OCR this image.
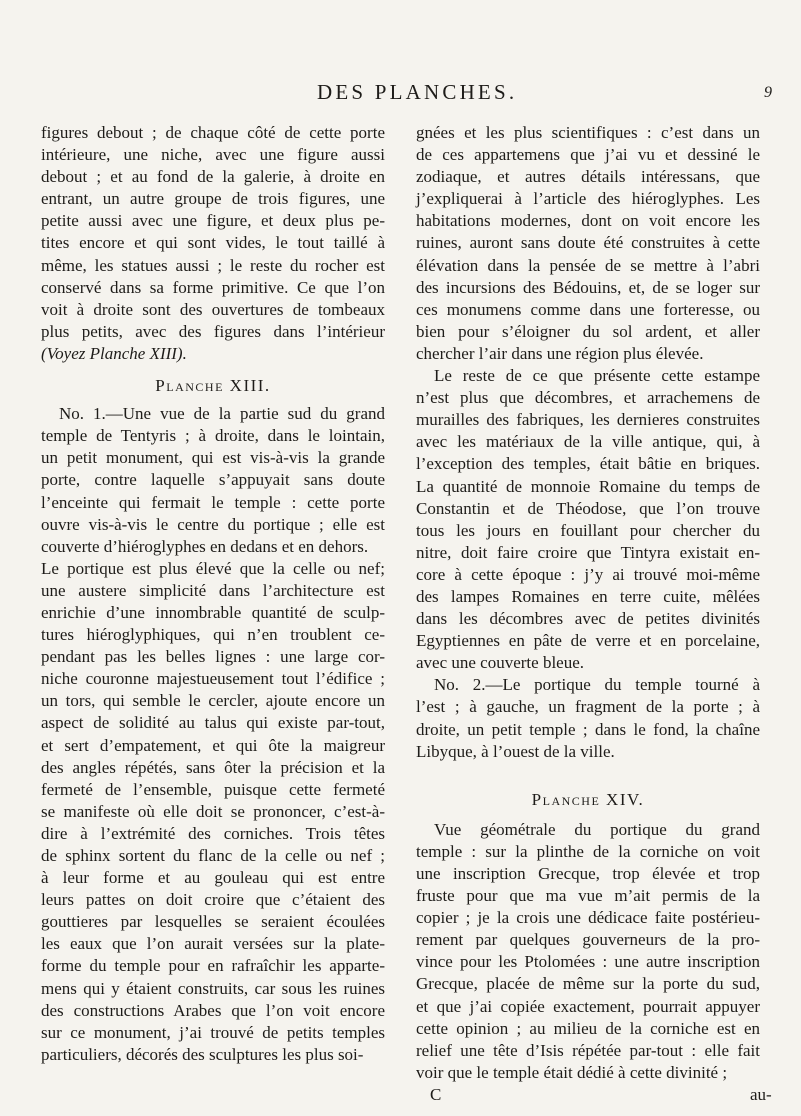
DES PLANCHES.	9
figures debout ; de chaque côté de cette porte
intérieure, une niche, avec une figure aussi
debout ; et au fond de la galerie, à droite en
entrant, un autre groupe de trois figures, une
petite aussi avec une figure, et deux plus pe-
tites encore et qui sont vides, le tout taillé à
même, les statues aussi ; le reste du rocher est
conservé dans sa forme primitive. Ce que l’on
voit à droite sont des ouvertures de tombeaux
plus petits, avec des figures dans l’intérieur
(Voyez Planche XIII).
Planche XIII.
No. 1.—Une vue de la partie sud du grand
temple de Tentyris ; à droite, dans le lointain,
un petit monument, qui est vis-à-vis la grande
porte, contre laquelle s’appuyait sans doute
l’enceinte qui fermait le temple : cette porte
ouvre vis-à-vis le centre du portique ; elle est
couverte d’hiéroglyphes en dedans et en dehors.
Le portique est plus élevé que la celle ou nef;
une austere simplicité dans l’architecture est
enrichie d’une innombrable quantité de sculp-
tures hiéroglyphiques, qui n’en troublent ce-
pendant pas les belles lignes : une large cor-
niche couronne majestueusement tout l’édifice ;
un tors, qui semble le cercler, ajoute encore un
aspect de solidité au talus qui existe par-tout,
et sert d’empatement, et qui ôte la maigreur
des angles répétés, sans ôter la précision et la
fermeté de l’ensemble, puisque cette fermeté
se manifeste où elle doit se prononcer, c’est-à-
dire à l’extrémité des corniches. Trois têtes
de sphinx sortent du flanc de la celle ou nef ;
à leur forme et au gouleau qui est entre
leurs pattes on doit croire que c’étaient des
gouttieres par lesquelles se seraient écoulées
les eaux que l’on aurait versées sur la plate-
forme du temple pour en rafraîchir les apparte-
mens qui y étaient construits, car sous les ruines
des constructions Arabes que l’on voit encore
sur ce monument, j’ai trouvé de petits temples
particuliers, décorés des sculptures les plus soi-
gnées et les plus scientifiques : c’est dans un
de ces appartemens que j’ai vu et dessiné le
zodiaque, et autres détails intéressans, que
j’expliquerai à l’article des hiéroglyphes. Les
habitations modernes, dont on voit encore les
ruines, auront sans doute été construites à cette
élévation dans la pensée de se mettre à l’abri
des incursions des Bédouins, et, de se loger sur
ces monumens comme dans une forteresse, ou
bien pour s’éloigner du sol ardent, et aller
chercher l’air dans une région plus élevée.
Le reste de ce que présente cette estampe
n’est plus que décombres, et arrachemens de
murailles des fabriques, les dernieres construites
avec les matériaux de la ville antique, qui, à
l’exception des temples, était bâtie en briques.
La quantité de monnoie Romaine du temps de
Constantin et de Théodose, que l’on trouve
tous les jours en fouillant pour chercher du
nitre, doit faire croire que Tintyra existait en-
core à cette époque : j’y ai trouvé moi-même
des lampes Romaines en terre cuite, mêlées
dans les décombres avec de petites divinités
Egyptiennes en pâte de verre et en porcelaine,
avec une couverte bleue.
No. 2.—Le portique du temple tourné à
l’est ; à gauche, un fragment de la porte ; à
droite, un petit temple ; dans le fond, la chaîne
Libyque, à l’ouest de la ville.
Planche XIV.
Vue géométrale du portique du grand
temple : sur la plinthe de la corniche on voit
une inscription Grecque, trop élevée et trop
fruste pour que ma vue m’ait permis de la
copier ; je la crois une dédicace faite postérieu-
rement par quelques gouverneurs de la pro-
vince pour les Ptolomées : une autre inscription
Grecque, placée de même sur la porte du sud,
et que j’ai copiée exactement, pourrait appuyer
cette opinion ; au milieu de la corniche est en
relief une tête d’Isis répétée par-tout : elle fait
voir que le temple était dédié à cette divinité ;
C	au-
